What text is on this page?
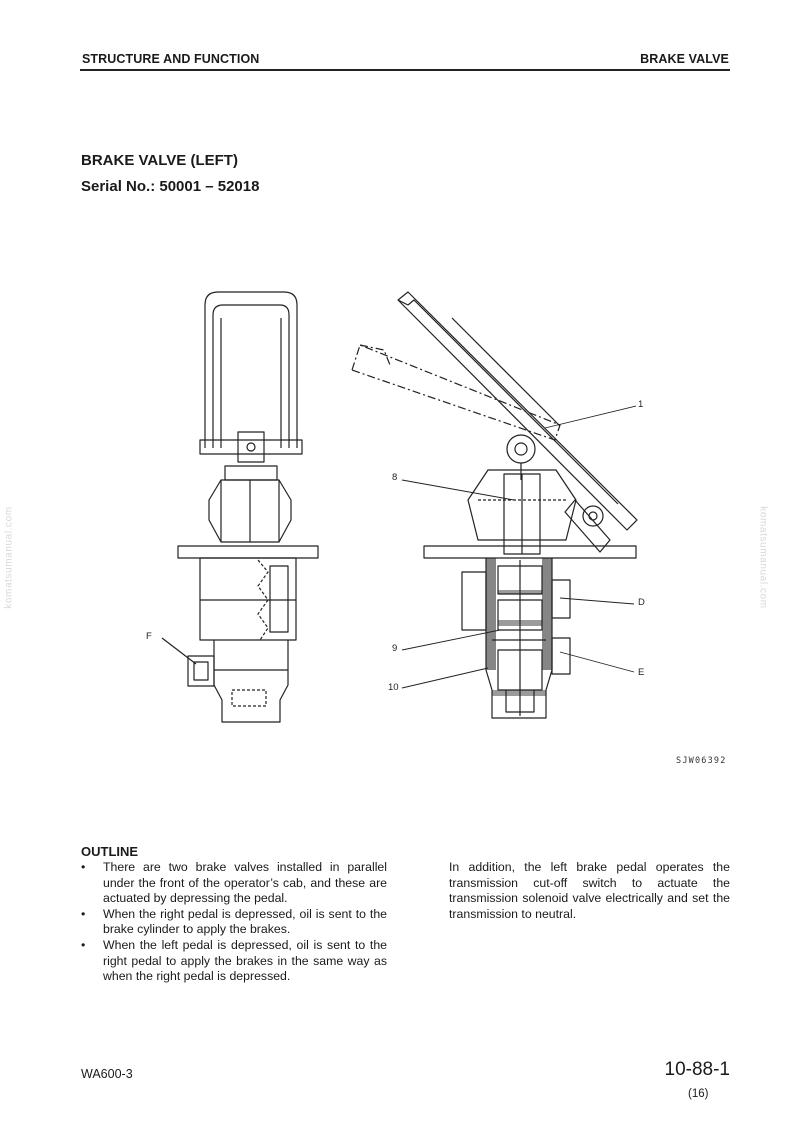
STRUCTURE AND FUNCTION	BRAKE VALVE
BRAKE VALVE (LEFT)
Serial No.: 50001 – 52018
komatsumanual.com	komatsumanual.com
1
8
D
F
9
E
10
SJW06392
OUTLINE
• There are two brake valves installed in parallel under the front of the operator’s cab, and these are actuated by depressing the pedal.
• When the right pedal is depressed, oil is sent to the brake cylinder to apply the brakes.
• When the left pedal is depressed, oil is sent to the right pedal to apply the brakes in the same way as when the right pedal is depressed.

In addition, the left brake pedal operates the transmission cut-off switch to actuate the transmission solenoid valve electrically and set the transmission to neutral.

WA600-3	10-88-1
(16)
